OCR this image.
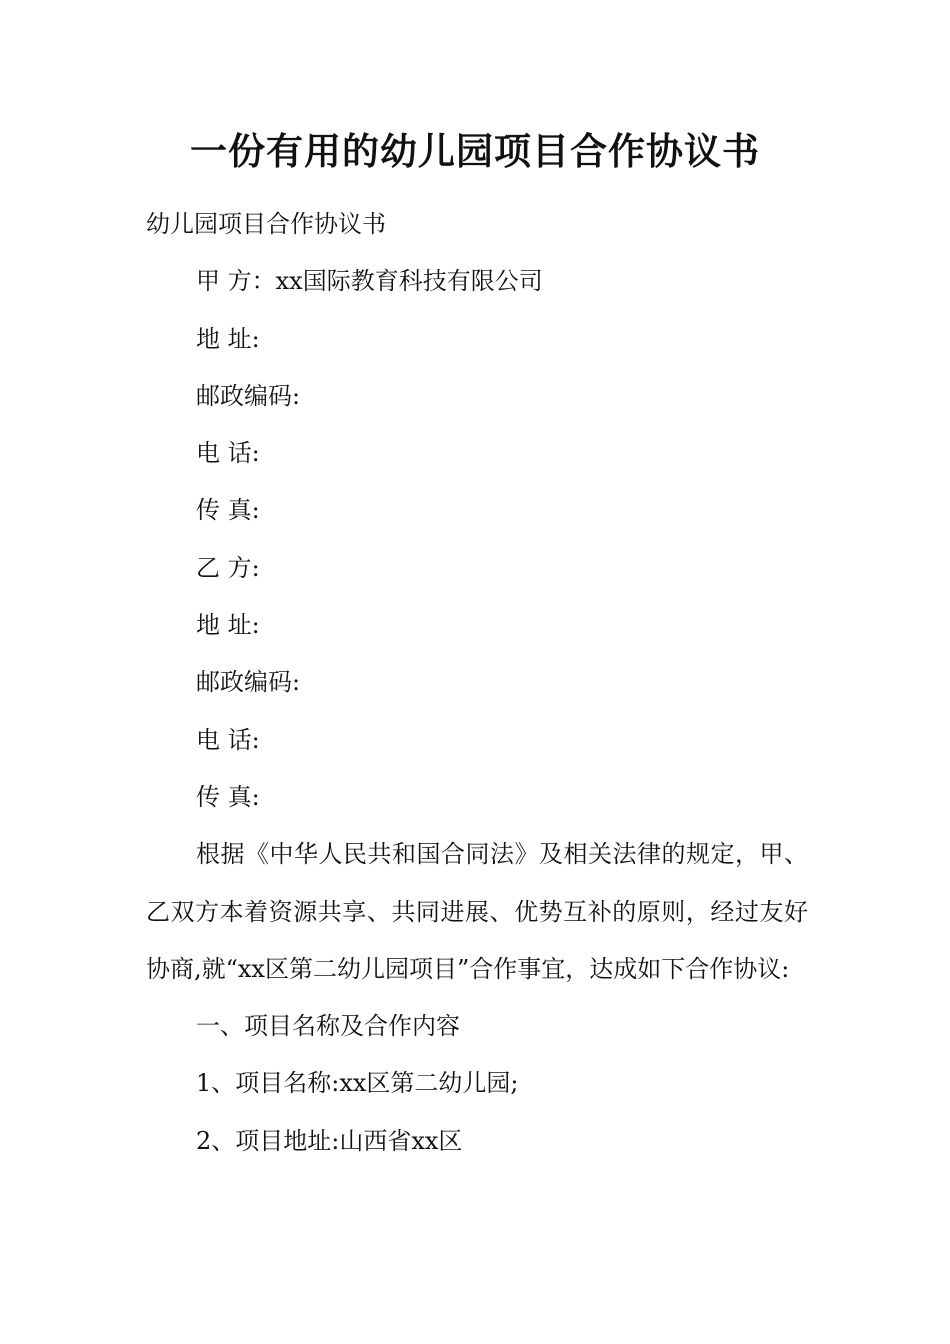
一份有用的幼儿园项目合作协议书
幼儿园项目合作协议书
甲 方：xx国际教育科技有限公司
地 址:
邮政编码:
电 话:
传 真:
乙 方:
地 址:
邮政编码:
电 话:
传 真:
根据《中华人民共和国合同法》及相关法律的规定，甲、乙双方本着资源共享、共同进展、优势互补的原则，经过友好协商,就“xx区第二幼儿园项目”合作事宜，达成如下合作协议:
一、项目名称及合作内容
1、项目名称:xx区第二幼儿园;
2、项目地址:山西省xx区
